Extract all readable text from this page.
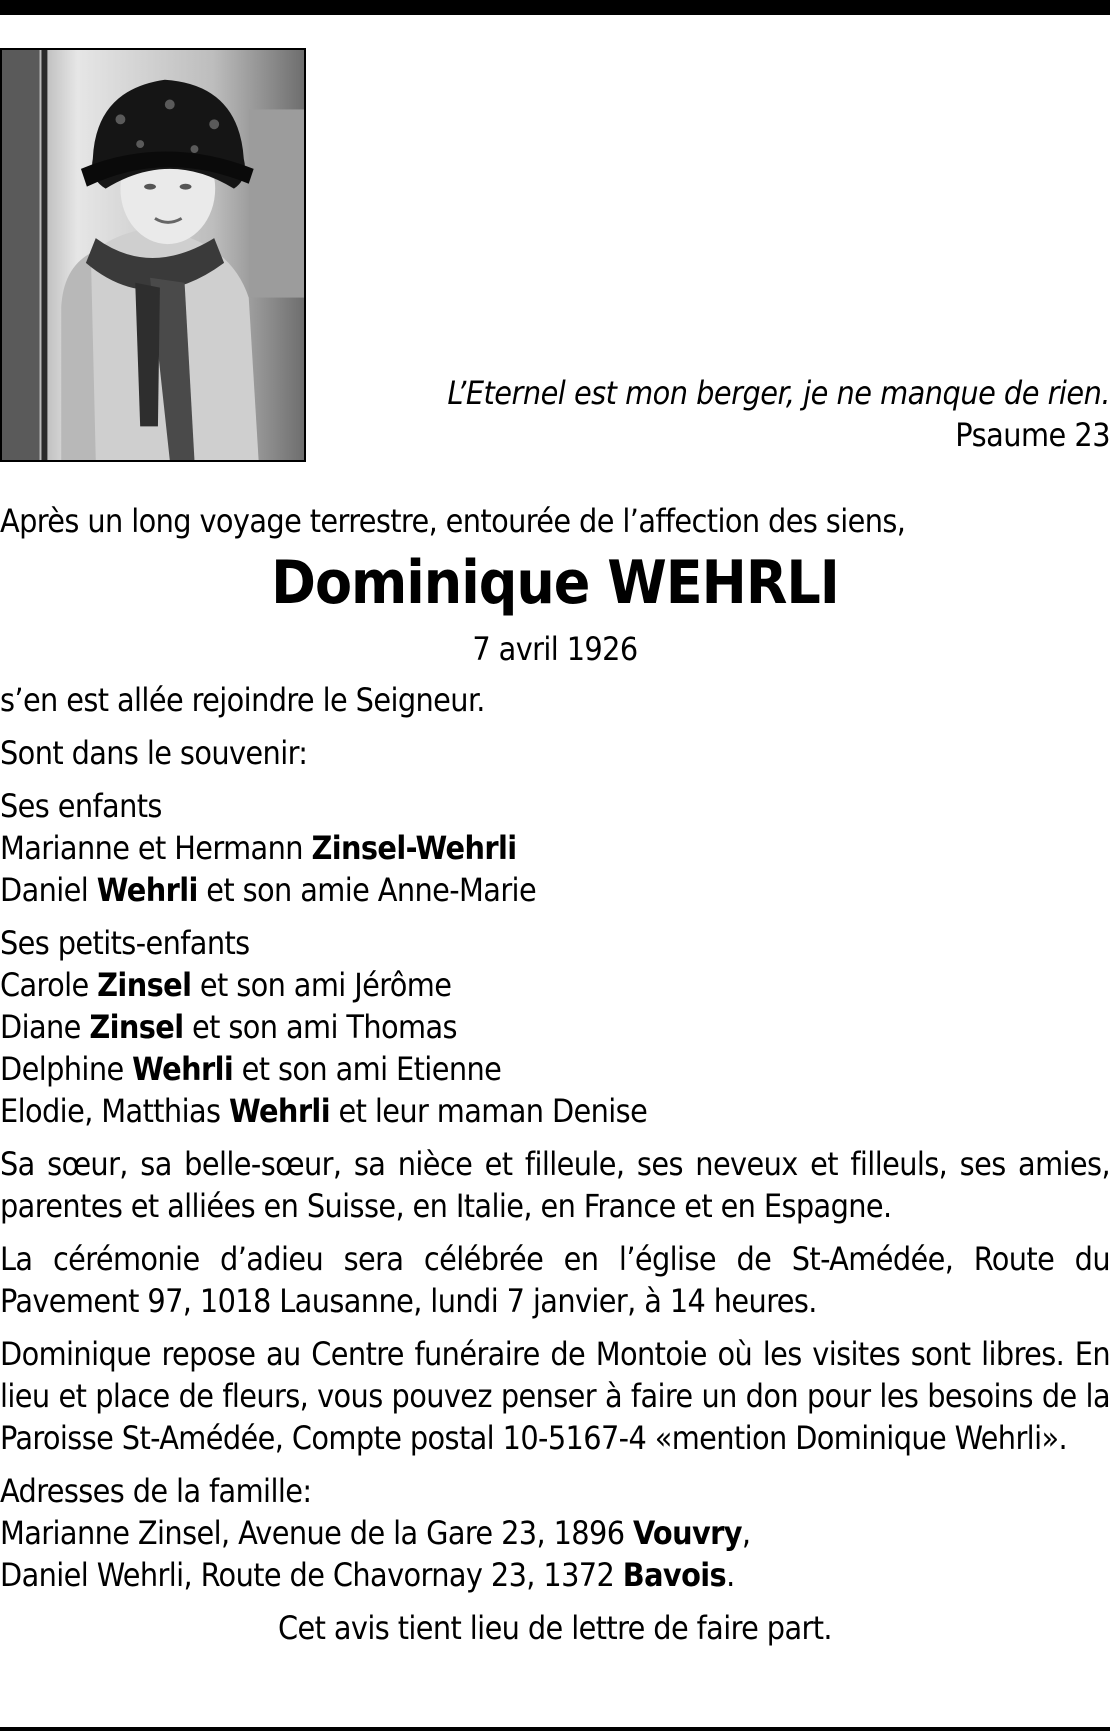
L’Eternel est mon berger, je ne manque de rien.
Psaume 23

Après un long voyage terrestre, entourée de l’affection des siens,

Dominique WEHRLI
7 avril 1926

s’en est allée rejoindre le Seigneur.

Sont dans le souvenir:

Ses enfants
Marianne et Hermann Zinsel-Wehrli
Daniel Wehrli et son amie Anne-Marie
Ses petits-enfants
Carole Zinsel et son ami Jérôme
Diane Zinsel et son ami Thomas
Delphine Wehrli et son ami Etienne
Elodie, Matthias Wehrli et leur maman Denise

Sa sœur, sa belle-sœur, sa nièce et filleule, ses neveux et filleuls, ses amies, parentes et alliées en Suisse, en Italie, en France et en Espagne.

La cérémonie d’adieu sera célébrée en l’église de St-Amédée, Route du Pavement 97, 1018 Lausanne, lundi 7 janvier, à 14 heures.

Dominique repose au Centre funéraire de Montoie où les visites sont libres. En lieu et place de fleurs, vous pouvez penser à faire un don pour les besoins de la Paroisse St-Amédée, Compte postal 10-5167-4 «mention Dominique Wehrli».

Adresses de la famille:
Marianne Zinsel, Avenue de la Gare 23, 1896 Vouvry,
Daniel Wehrli, Route de Chavornay 23, 1372 Bavois.

Cet avis tient lieu de lettre de faire part.
